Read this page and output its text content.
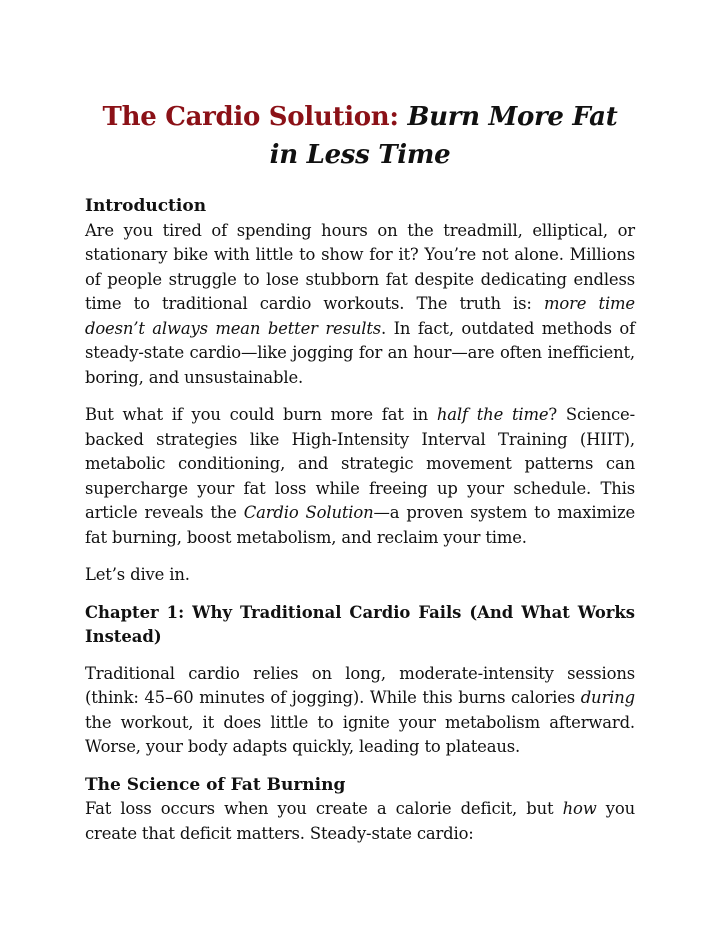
The Cardio Solution: Burn More Fat in Less Time
Introduction

Are you tired of spending hours on the treadmill, elliptical, or stationary bike with little to show for it? You’re not alone. Millions of people struggle to lose stubborn fat despite dedicating endless time to traditional cardio workouts. The truth is: more time doesn’t always mean better results. In fact, outdated methods of steady-state cardio—like jogging for an hour—are often inefficient, boring, and unsustainable.

But what if you could burn more fat in half the time? Science-backed strategies like High-Intensity Interval Training (HIIT), metabolic conditioning, and strategic movement patterns can supercharge your fat loss while freeing up your schedule. This article reveals the Cardio Solution—a proven system to maximize fat burning, boost metabolism, and reclaim your time.

Let’s dive in.

Chapter 1: Why Traditional Cardio Fails (And What Works Instead)

Traditional cardio relies on long, moderate-intensity sessions (think: 45–60 minutes of jogging). While this burns calories during the workout, it does little to ignite your metabolism afterward. Worse, your body adapts quickly, leading to plateaus.

The Science of Fat Burning

Fat loss occurs when you create a calorie deficit, but how you create that deficit matters. Steady-state cardio:
